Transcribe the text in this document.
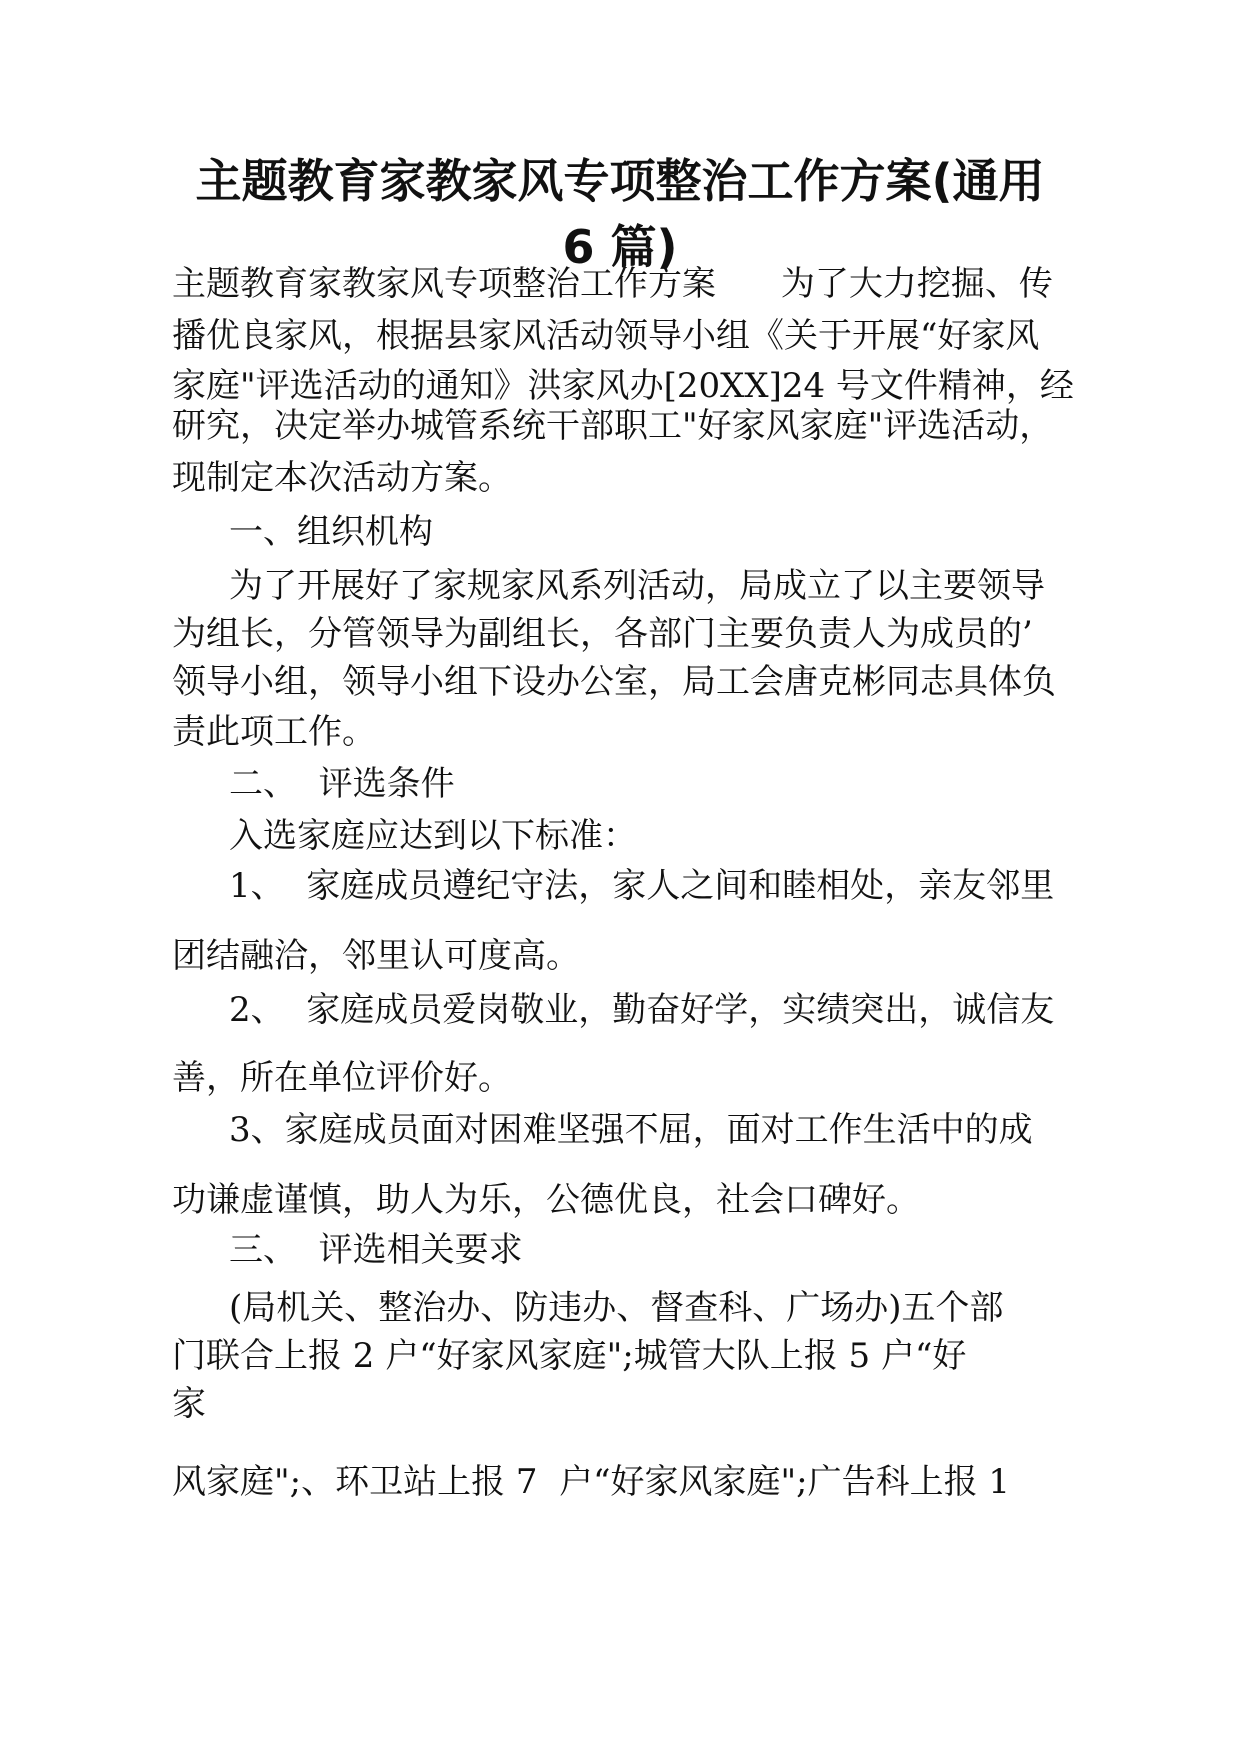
主题教育家教家风专项整治工作方案(通用
6 篇)

主题教育家教家风专项整治工作方案      为了大力挖掘、传

播优良家风，根据县家风活动领导小组《关于开展“好家风

家庭"评选活动的通知》洪家风办[20XX]24 号文件精神，经

研究，决定举办城管系统干部职工"好家风家庭"评选活动，

现制定本次活动方案。

一、组织机构

为了开展好了家规家风系列活动，局成立了以主要领导

为组长，分管领导为副组长，各部门主要负责人为成员的’

领导小组，领导小组下设办公室，局工会唐克彬同志具体负

责此项工作。

二、  评选条件

入选家庭应达到以下标准：

1、  家庭成员遵纪守法，家人之间和睦相处，亲友邻里

团结融洽，邻里认可度高。

2、  家庭成员爱岗敬业，勤奋好学，实绩突出，诚信友

善，所在单位评价好。

3、家庭成员面对困难坚强不屈，面对工作生活中的成

功谦虚谨慎，助人为乐，公德优良，社会口碑好。

三、  评选相关要求

(局机关、整治办、防违办、督查科、广场办)五个部

门联合上报 2 户“好家风家庭";城管大队上报 5 户“好

家

风家庭";、环卫站上报 7  户“好家风家庭";广告科上报 1
